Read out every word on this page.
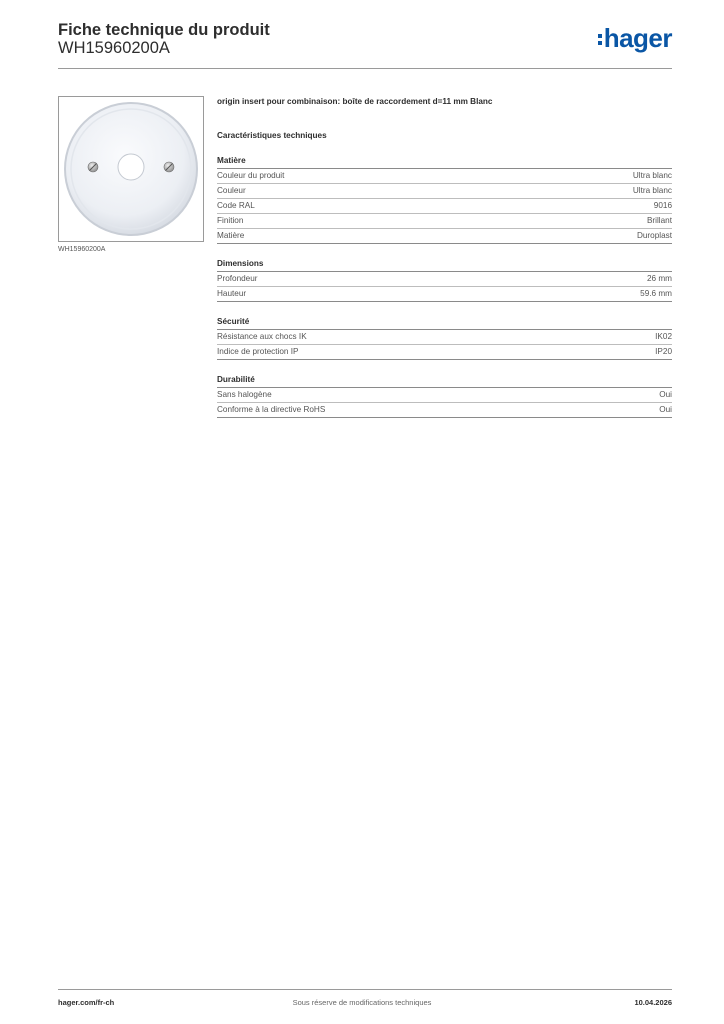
Fiche technique du produit
WH15960200A	hager
WH15960200A
origin insert pour combinaison: boîte de raccordement d=11 mm Blanc
Caractéristiques techniques
Matière
Couleur du produit	Ultra blanc
Couleur	Ultra blanc
Code RAL	9016
Finition	Brillant
Matière	Duroplast
Dimensions
Profondeur	26 mm
Hauteur	59.6 mm
Sécurité
Résistance aux chocs IK	IK02
Indice de protection IP	IP20
Durabilité
Sans halogène	Oui
Conforme à la directive RoHS	Oui
hager.com/fr-ch	Sous réserve de modifications techniques	10.04.2026
